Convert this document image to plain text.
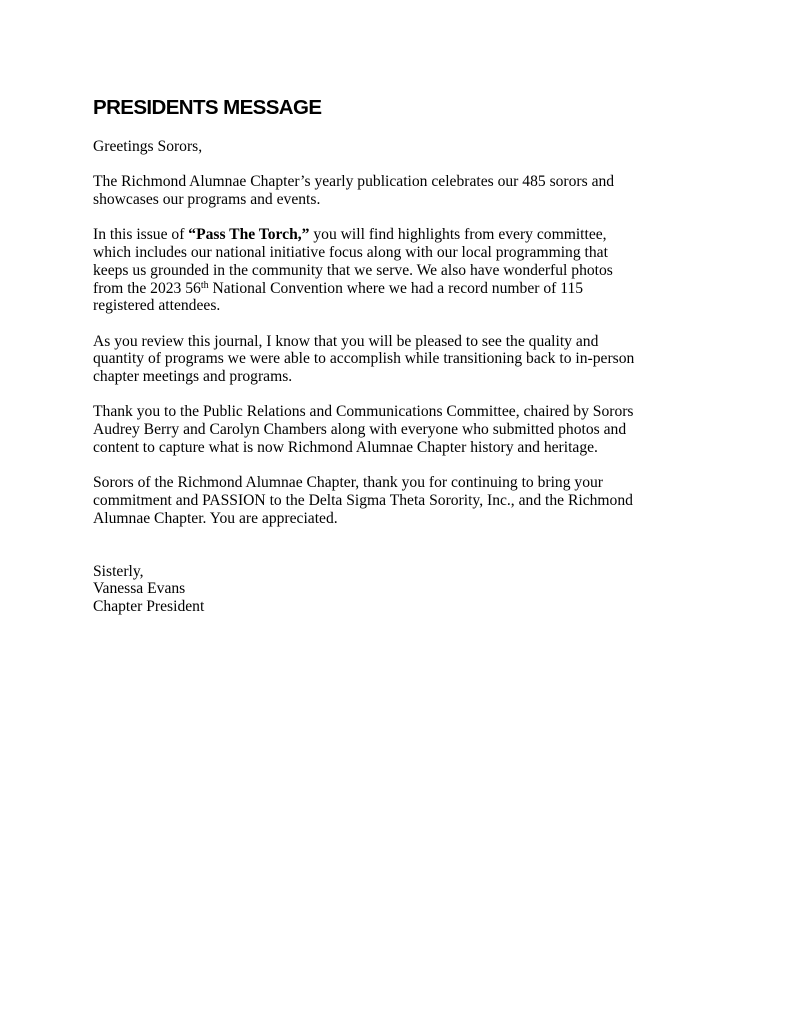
PRESIDENTS MESSAGE

Greetings Sorors,

The Richmond Alumnae Chapter’s yearly publication celebrates our 485 sorors and
showcases our programs and events.

In this issue of “Pass The Torch,” you will find highlights from every committee,
which includes our national initiative focus along with our local programming that
keeps us grounded in the community that we serve. We also have wonderful photos
from the 2023 56th National Convention where we had a record number of 115
registered attendees.

As you review this journal, I know that you will be pleased to see the quality and
quantity of programs we were able to accomplish while transitioning back to in-person
chapter meetings and programs.

Thank you to the Public Relations and Communications Committee, chaired by Sorors
Audrey Berry and Carolyn Chambers along with everyone who submitted photos and
content to capture what is now Richmond Alumnae Chapter history and heritage.

Sorors of the Richmond Alumnae Chapter, thank you for continuing to bring your
commitment and PASSION to the Delta Sigma Theta Sorority, Inc., and the Richmond
Alumnae Chapter. You are appreciated.

Sisterly,
Vanessa Evans
Chapter President
